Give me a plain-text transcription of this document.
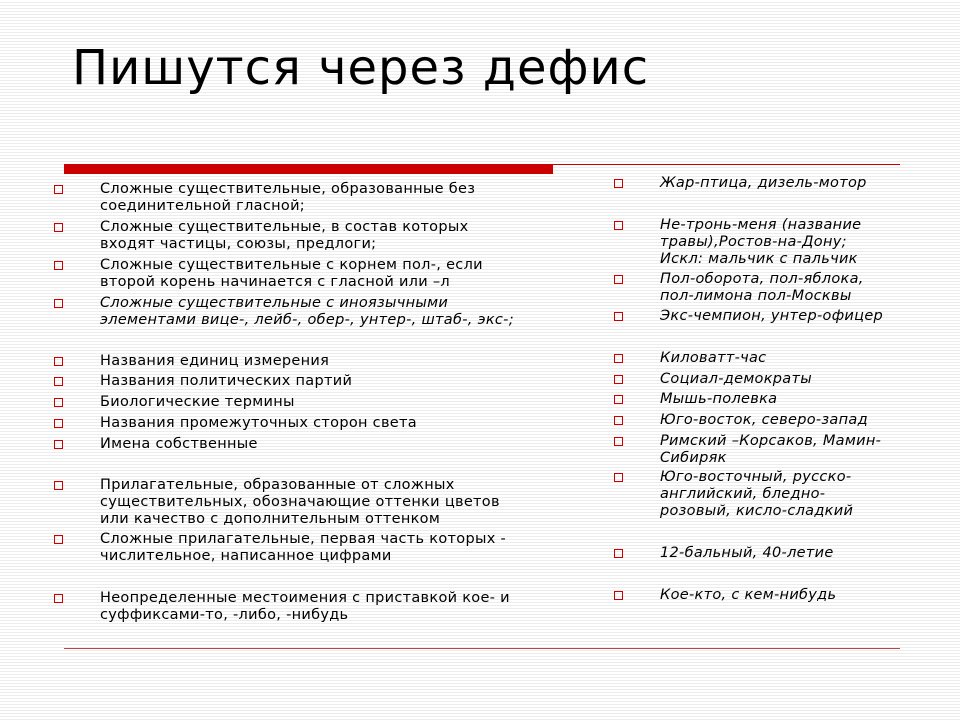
Пишутся через дефис
Сложные существительные, образованные без
соединительной гласной;
Сложные существительные, в состав которых
входят частицы, союзы, предлоги;
Сложные существительные с корнем пол-, если
второй корень начинается с гласной или –л
Сложные существительные с иноязычными
элементами вице-, лейб-, обер-, унтер-, штаб-, экс-;
Названия единиц измерения
Названия политических партий
Биологические термины
Названия промежуточных сторон света
Имена собственные
Прилагательные, образованные от сложных
существительных, обозначающие оттенки цветов
или качество с дополнительным оттенком
Сложные прилагательные, первая часть которых -
числительное, написанное цифрами
Неопределенные местоимения с приставкой кое- и
суффиксами-то, -либо, -нибудь
Жар-птица, дизель-мотор
Не-тронь-меня (название
травы),Ростов-на-Дону;
Искл: мальчик с пальчик
Пол-оборота, пол-яблока,
пол-лимона пол-Москвы
Экс-чемпион, унтер-офицер
Киловатт-час
Социал-демократы
Мышь-полевка
Юго-восток, северо-запад
Римский –Корсаков, Мамин-
Сибиряк
Юго-восточный, русско-
английский, бледно-
розовый, кисло-сладкий
12-бальный, 40-летие
Кое-кто, с кем-нибудь
